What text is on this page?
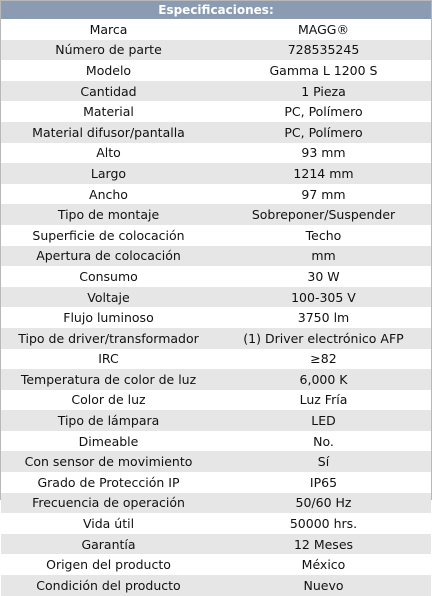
Especificaciones:
Marca	MAGG®
Número de parte	728535245
Modelo	Gamma L 1200 S
Cantidad	1 Pieza
Material	PC, Polímero
Material difusor/pantalla	PC, Polímero
Alto	93 mm
Largo	1214 mm
Ancho	97 mm
Tipo de montaje	Sobreponer/Suspender
Superficie de colocación	Techo
Apertura de colocación	mm
Consumo	30 W
Voltaje	100-305 V
Flujo luminoso	3750 lm
Tipo de driver/transformador	(1) Driver electrónico AFP
IRC	≥82
Temperatura de color de luz	6,000 K
Color de luz	Luz Fría
Tipo de lámpara	LED
Dimeable	No.
Con sensor de movimiento	Sí
Grado de Protección IP	IP65
Frecuencia de operación	50/60 Hz
Vida útil	50000 hrs.
Garantía	12 Meses
Origen del producto	México
Condición del producto	Nuevo
